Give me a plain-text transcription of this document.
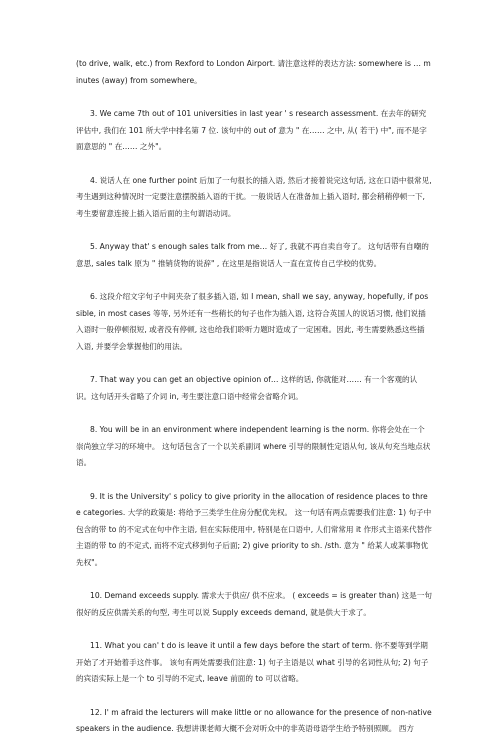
(to drive, walk, etc.) from Rexford to London Airport. 请注意这样的表达方法: somewhere is … minutes (away) from somewhere。

3. We came 7th out of 101 universities in last year ' s research assessment. 在去年的研究评估中, 我们在 101 所大学中排名第 7 位. 该句中的 out of 意为 " 在…… 之中, 从( 若干) 中", 而不是字面意思的 " 在…… 之外"。

4. 说话人在 one further point 后加了一句很长的插入语, 然后才接着说完这句话, 这在口语中很常见, 考生遇到这种情况时一定要注意摆脱插入语的干扰。一般说话人在准备加上插入语时, 都会稍稍停顿一下, 考生要留意连接上插入语后面的主句谓语动词。

5. Anyway that' s enough sales talk from me… 好了, 我就不再自卖自夸了。 这句话带有自嘲的意思, sales talk 原为 " 推销货物的说辞" , 在这里是指说话人一直在宣传自己学校的优势。

6. 这段介绍文字句子中间夹杂了很多插入语, 如 I mean, shall we say, anyway, hopefully, if possible, in most cases 等等, 另外还有一些稍长的句子也作为插入语, 这符合英国人的说话习惯, 他们说插入语时一般停顿很短, 或者没有停顿, 这也给我们聆听力题时造成了一定困难。因此, 考生需要熟悉这些插入语, 并要学会掌握他们的用法。

7. That way you can get an objective opinion of… 这样的话, 你就能对…… 有一个客观的认识。这句话开头省略了介词 in, 考生要注意口语中经常会省略介词。

8. You will be in an environment where independent learning is the norm. 你将会处在一个崇尚独立学习的环境中。 这句话包含了一个以关系副词 where 引导的限制性定语从句, 该从句充当地点状语。

9. It is the University' s policy to give priority in the allocation of residence places to three categories. 大学的政策是: 将给予三类学生住房分配优先权。 这一句话有两点需要我们注意: 1) 句子中包含的带 to 的不定式在句中作主语, 但在实际使用中, 特别是在口语中, 人们常常用 it 作形式主语来代替作主语的带 to 的不定式, 而将不定式移到句子后面; 2) give priority to sh. /sth. 意为 " 给某人或某事物优先权"。

10. Demand exceeds supply. 需求大于供应/ 供不应求。 ( exceeds = is greater than) 这是一句很好的反应供需关系的句型, 考生可以说 Supply exceeds demand, 就是供大于求了。

11. What you can' t do is leave it until a few days before the start of term. 你不要等到学期开始了才开始着手这件事。 该句有两处需要我们注意: 1) 句子主语是以 what 引导的名词性从句; 2) 句子的宾语实际上是一个 to 引导的不定式, leave 前面的 to 可以省略。

12. I' m afraid the lecturers will make little or no allowance for the presence of non-native speakers in the audience. 我想讲课老师大概不会对听众中的非英语母语学生给予特别照顾。 西方
